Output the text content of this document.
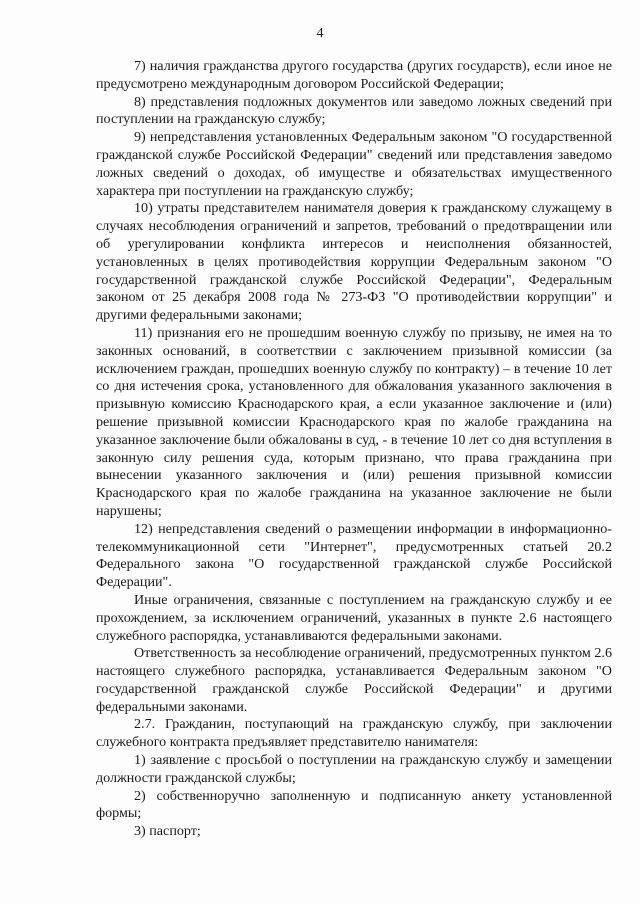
4

7) наличия гражданства другого государства (других государств), если иное не предусмотрено международным договором Российской Федерации;

8) представления подложных документов или заведомо ложных сведений при поступлении на гражданскую службу;

9) непредставления установленных Федеральным законом "О государственной гражданской службе Российской Федерации" сведений или представления заведомо ложных сведений о доходах, об имуществе и обязательствах имущественного характера при поступлении на гражданскую службу;

10) утраты представителем нанимателя доверия к гражданскому служащему в случаях несоблюдения ограничений и запретов, требований о предотвращении или об урегулировании конфликта интересов и неисполнения обязанностей, установленных в целях противодействия коррупции Федеральным законом "О государственной гражданской службе Российской Федерации", Федеральным законом от 25 декабря 2008 года № 273-ФЗ "О противодействии коррупции" и другими федеральными законами;

11) признания его не прошедшим военную службу по призыву, не имея на то законных оснований, в соответствии с заключением призывной комиссии (за исключением граждан, прошедших военную службу по контракту) – в течение 10 лет со дня истечения срока, установленного для обжалования указанного заключения в призывную комиссию Краснодарского края, а если указанное заключение и (или) решение призывной комиссии Краснодарского края по жалобе гражданина на указанное заключение были обжалованы в суд, - в течение 10 лет со дня вступления в законную силу решения суда, которым признано, что права гражданина при вынесении указанного заключения и (или) решения призывной комиссии Краснодарского края по жалобе гражданина на указанное заключение не были нарушены;

12) непредставления сведений о размещении информации в информационно-телекоммуникационной сети "Интернет", предусмотренных статьей 20.2 Федерального закона "О государственной гражданской службе Российской Федерации".

Иные ограничения, связанные с поступлением на гражданскую службу и ее прохождением, за исключением ограничений, указанных в пункте 2.6 настоящего служебного распорядка, устанавливаются федеральными законами.

Ответственность за несоблюдение ограничений, предусмотренных пунктом 2.6 настоящего служебного распорядка, устанавливается Федеральным законом "О государственной гражданской службе Российской Федерации" и другими федеральными законами.

2.7. Гражданин, поступающий на гражданскую службу, при заключении служебного контракта предъявляет представителю нанимателя:

1) заявление с просьбой о поступлении на гражданскую службу и замещении должности гражданской службы;

2) собственноручно заполненную и подписанную анкету установленной формы;

3) паспорт;
